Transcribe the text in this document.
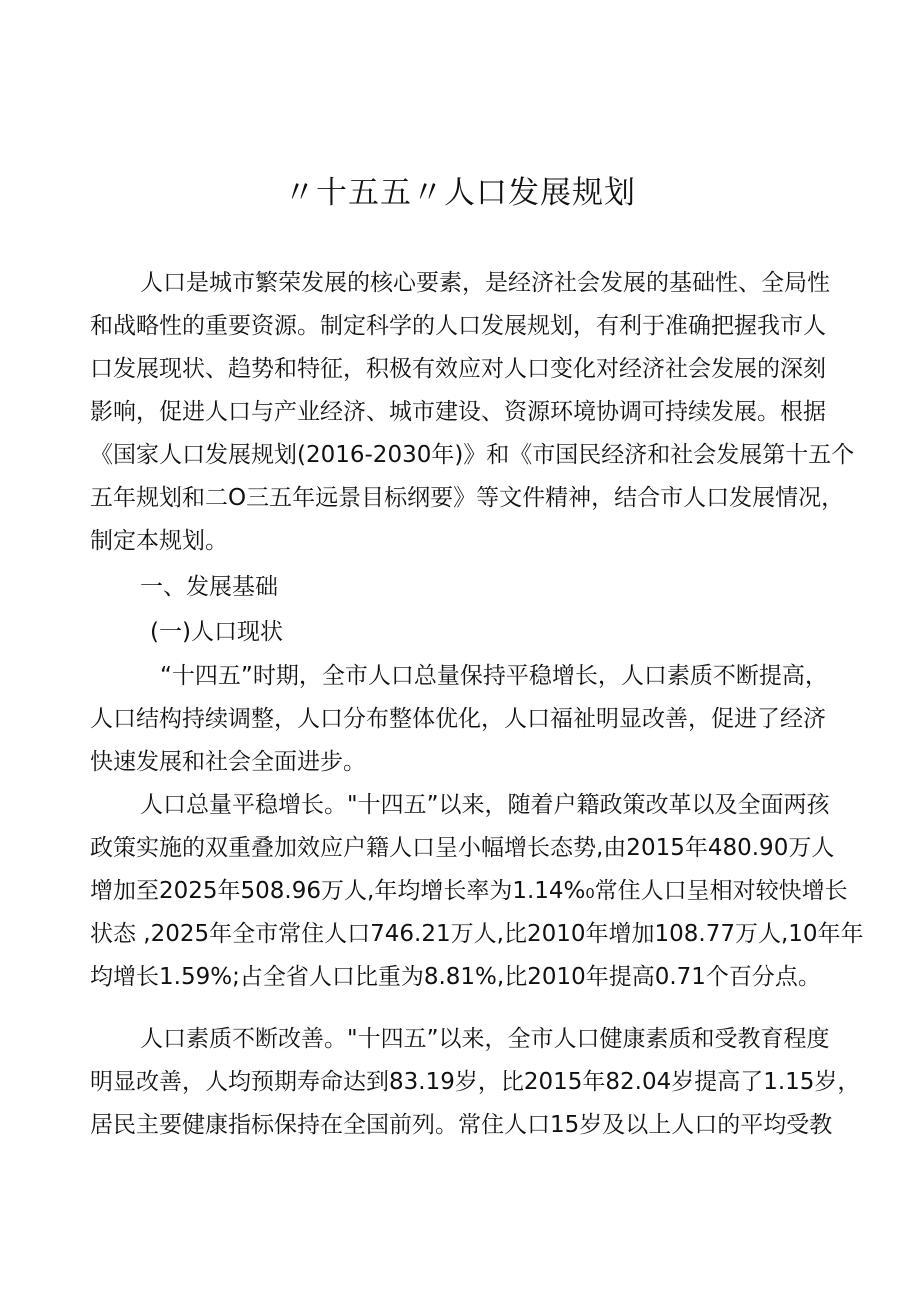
〃十五五〃人口发展规划
人口是城市繁荣发展的核心要素，是经济社会发展的基础性、全局性
和战略性的重要资源。制定科学的人口发展规划，有利于准确把握我市人
口发展现状、趋势和特征，积极有效应对人口变化对经济社会发展的深刻
影响，促进人口与产业经济、城市建设、资源环境协调可持续发展。根据
《国家人口发展规划(2016-2030年)》和《市国民经济和社会发展第十五个
五年规划和二O三五年远景目标纲要》等文件精神，结合市人口发展情况，
制定本规划。
一、发展基础
(一)人口现状
“十四五”时期，全市人口总量保持平稳增长，人口素质不断提高，
人口结构持续调整，人口分布整体优化，人口福祉明显改善，促进了经济
快速发展和社会全面进步。
人口总量平稳增长。"十四五”以来，随着户籍政策改革以及全面两孩
政策实施的双重叠加效应户籍人口呈小幅增长态势,由2015年480.90万人
增加至2025年508.96万人,年均增长率为1.14%₀常住人口呈相对较快增长
状态 ,2025年全市常住人口746.21万人,比2010年增加108.77万人,10年年
均增长1.59%;占全省人口比重为8.81%,比2010年提高0.71个百分点。
人口素质不断改善。"十四五”以来，全市人口健康素质和受教育程度
明显改善，人均预期寿命达到83.19岁，比2015年82.04岁提高了1.15岁，
居民主要健康指标保持在全国前列。常住人口15岁及以上人口的平均受教
